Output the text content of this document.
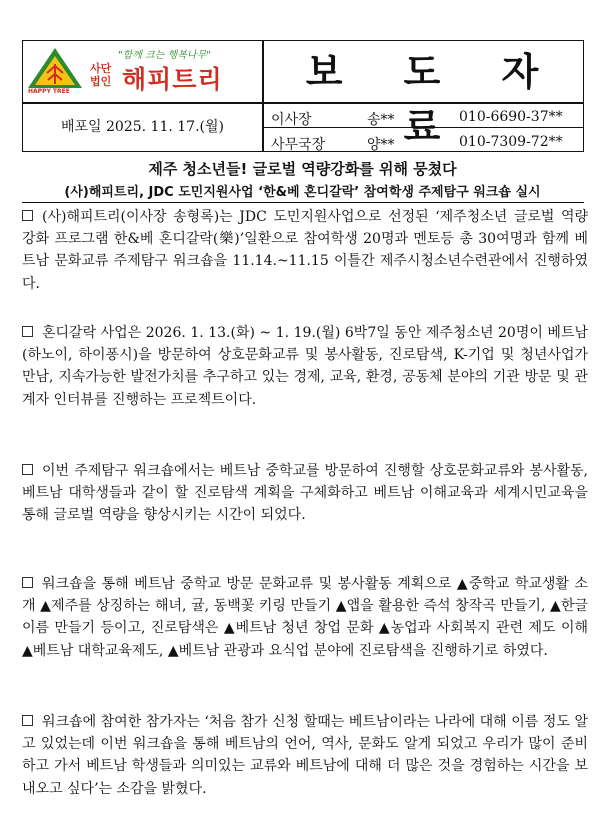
HAPPY TREE
"함께 크는 행복나무"
사단 법인 해피트리	보 도 자 료
배포일 2025. 11. 17.(월)	이사장	송**	010-6690-37**
사무국장	양**	010-7309-72**
제주 청소년들! 글로벌 역량강화를 위해 뭉쳤다
(사)해피트리, JDC 도민지원사업 ‘한&베 혼디갈락’ 참여학생 주제탐구 워크숍 실시
(사)해피트리(이사장 송형록)는 JDC 도민지원사업으로 선정된 ‘제주청소년 글로벌 역량 강화 프로그램 한&베 혼디갈락(樂)’일환으로 참여학생 20명과 멘토등 총 30여명과 함께 베트남 문화교류 주제탐구 워크숍을 11.14.~11.15 이틀간 제주시청소년수련관에서 진행하였다.
혼디갈락 사업은 2026. 1. 13.(화) ~ 1. 19.(월) 6박7일 동안 제주청소년 20명이 베트남(하노이, 하이퐁시)을 방문하여 상호문화교류 및 봉사활동, 진로탐색, K-기업 및 청년사업가 만남, 지속가능한 발전가치를 추구하고 있는 경제, 교육, 환경, 공동체 분야의 기관 방문 및 관계자 인터뷰를 진행하는 프로젝트이다.
이번 주제탐구 워크숍에서는 베트남 중학교를 방문하여 진행할 상호문화교류와 봉사활동, 베트남 대학생들과 같이 할 진로탐색 계획을 구체화하고 베트남 이해교육과 세계시민교육을 통해 글로벌 역량을 향상시키는 시간이 되었다.
워크숍을 통해 베트남 중학교 방문 문화교류 및 봉사활동 계획으로 ▲중학교 학교생활 소개 ▲제주를 상징하는 해녀, 귤, 동백꽃 키링 만들기 ▲앱을 활용한 즉석 창작곡 만들기, ▲한글 이름 만들기 등이고, 진로탐색은 ▲베트남 청년 창업 문화 ▲농업과 사회복지 관련 제도 이해 ▲베트남 대학교육제도, ▲베트남 관광과 요식업 분야에 진로탐색을 진행하기로 하였다.
워크숍에 참여한 참가자는 ‘처음 참가 신청 할때는 베트남이라는 나라에 대해 이름 정도 알고 있었는데 이번 워크숍을 통해 베트남의 언어, 역사, 문화도 알게 되었고 우리가 많이 준비하고 가서 베트남 학생들과 의미있는 교류와 베트남에 대해 더 많은 것을 경험하는 시간을 보내오고 싶다’는 소감을 밝혔다.
